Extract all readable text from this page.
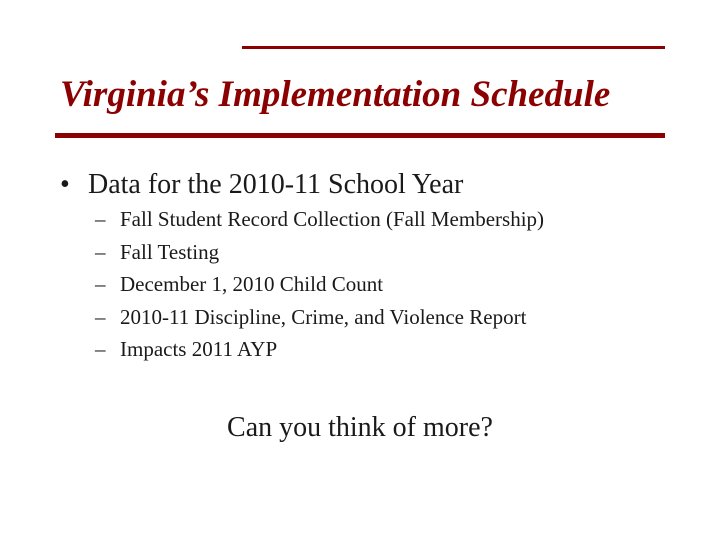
Virginia’s Implementation Schedule
• Data for the 2010-11 School Year
– Fall Student Record Collection (Fall Membership)
– Fall Testing
– December 1, 2010 Child Count
– 2010-11 Discipline, Crime, and Violence Report
– Impacts 2011 AYP
Can you think of more?
